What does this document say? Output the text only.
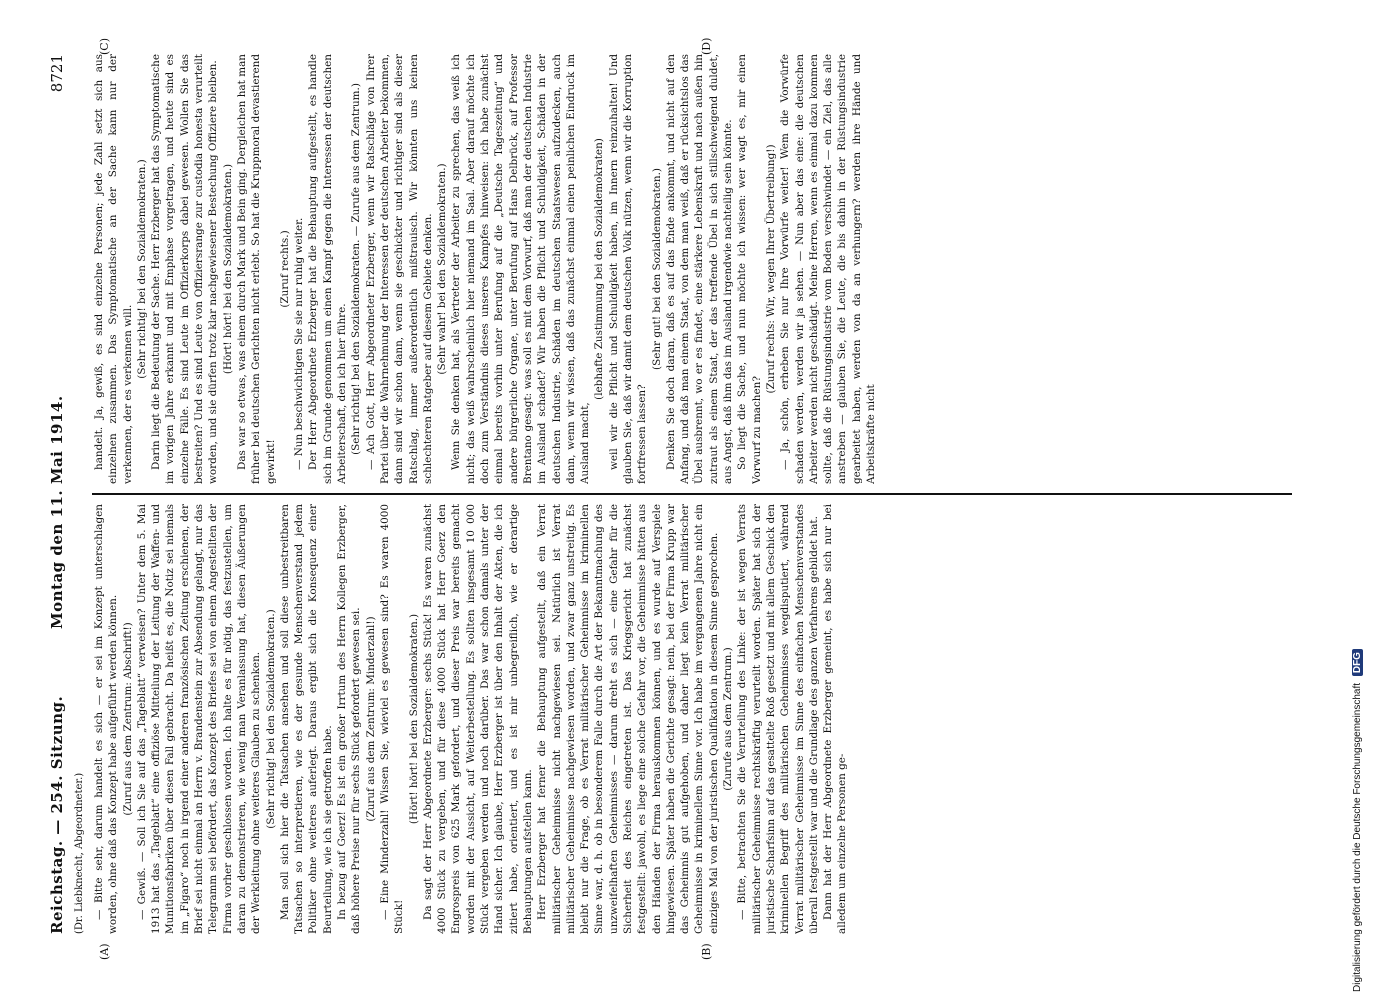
Reichstag. — 254. Sitzung.
Montag den 11. Mai 1914.
8721
(Dr. Liebknecht, Abgeordneter.)
(A)	(B)
(C)	(D)

— Bitte sehr, darum handelt es sich — er sei im Konzept unterschlagen worden, ohne daß das Konzept habe aufgeführt werden können. (Zuruf aus dem Zentrum: Abschrift!) — Gewiß. — Soll ich Sie auf das „Tageblatt“ verweisen? Unter dem 5. Mai 1913 hat das „Tageblatt“ eine offiziöse Mitteilung der Leitung der Waffen- und Munitionsfabriken über diesen Fall gebracht. Da heißt es, die Notiz sei niemals im „Figaro“ noch in irgend einer anderen französischen Zeitung erschienen, der Brief sei nicht einmal an Herrn v. Brandenstein zur Absendung gelangt, nur das Telegramm sei befördert, das Konzept des Briefes sei von einem Angestellten der Firma vorher geschlossen worden. Ich halte es für nötig, das festzustellen, um daran zu demonstrieren, wie wenig man Veranlassung hat, diesen Äußerungen der Werkleitung ohne weiteres Glauben zu schenken. (Sehr richtig! bei den Sozialdemokraten.) Man soll sich hier die Tatsachen ansehen und soll diese unbestreitbaren Tatsachen so interpretieren, wie es der gesunde Menschenverstand jedem Politiker ohne weiteres auferlegt. Daraus ergibt sich die Konsequenz einer Beurteilung, wie ich sie getroffen habe. In bezug auf Goerz! Es ist ein großer Irrtum des Herrn Kollegen Erzberger, daß höhere Preise nur für sechs Stück gefordert gewesen sei. (Zuruf aus dem Zentrum: Minderzahl!) — Eine Minderzahl! Wissen Sie, wieviel es gewesen sind? Es waren 4000 Stück!

(Hört! hört! bei den Sozialdemokraten.) Da sagt der Herr Abgeordnete Erzberger: sechs Stück! Es waren zunächst 4000 Stück zu vergeben, und für diese 4000 Stück hat Herr Goerz den Engrospreis von 625 Mark gefordert, und dieser Preis war bereits gemacht worden mit der Aussicht, auf Weiterbestellung. Es sollten insgesamt 10 000 Stück vergeben werden und noch darüber. Das war schon damals unter der Hand sicher. Ich glaube, Herr Erzberger ist über den Inhalt der Akten, die ich zitiert habe, orientiert, und es ist mir unbegreiflich, wie er derartige Behauptungen aufstellen kann. Herr Erzberger hat ferner die Behauptung aufgestellt, daß ein Verrat militärischer Geheimnisse nicht nachgewiesen sei. Natürlich ist Verrat militärischer Geheimnisse nachgewiesen worden, und zwar ganz unstreitig. Es bleibt nur die Frage, ob es Verrat militärischer Geheimnisse im kriminellen Sinne war, d. h. ob in besonderem Falle durch die Art der Bekanntmachung des unzweifelhaften Geheimnisses — darum dreht es sich — eine Gefahr für die Sicherheit des Reiches eingetreten ist. Das Kriegsgericht hat zunächst festgestellt: jawohl, es liege eine solche Gefahr vor, die Geheimnisse hätten aus den Händen der Firma herauskommen können, und es wurde auf Verspiele hingewiesen. Später haben die Gerichte gesagt: nein, bei der Firma Krupp war das Geheimnis gut aufgehoben, und daher liegt kein Verrat militärischer Geheimnisse in kriminellem Sinne vor. Ich habe im vergangenen Jahre nicht ein einziges Mal von der juristischen Qualifikation in diesem Sinne gesprochen. (Zurufe aus dem Zentrum.) — Bitte, betrachten Sie die Verurteilung des Linke: der ist wegen Verrats militärischer Geheimnisse rechtskräftig verurteilt worden. Später hat sich der juristische Scharfsinn auf das gesattelte Roß gesetzt und mit allem Geschick den kriminellen Begriff des militärischen Geheimnisses wegdisputiert, während Verrat militärischer Geheimnisse im Sinne des einfachen Menschenverstandes überall festgestellt war und die Grundlage des ganzen Verfahrens gebildet hat. Dann hat der Herr Abgeordnete Erzberger gemeint, es habe sich nur bei alledem um einzelne Personen ge-

handelt. Ja, gewiß, es sind einzelne Personen; jede Zahl setzt sich aus einzelnen zusammen. Das Symptomatische an der Sache kann nur der verkennen, der es verkennen will.

(Sehr richtig! bei den Sozialdemokraten.) Darin liegt die Bedeutung der Sache. Herr Erzberger hat das Symptomatische im vorigen Jahre erkannt und mit Emphase vorgetragen, und heute sind es einzelne Fälle. Es sind Leute im Offizierkorps dabei gewesen. Wollen Sie das bestreiten? Und es sind Leute von Offiziersrange zur custodia honesta verurteilt worden, und sie dürfen trotz klar nachgewiesener Bestechung Offiziere bleiben. (Hört! hört! bei den Sozialdemokraten.) Das war so etwas, was einem durch Mark und Bein ging. Dergleichen hat man früher bei deutschen Gerichten nicht erlebt. So hat die Kruppmoral devastierend gewirkt!

(Zuruf rechts.) — Nun beschwichtigen Sie sie nur ruhig weiter. Der Herr Abgeordnete Erzberger hat die Behauptung aufgestellt, es handle sich im Grunde genommen um einen Kampf gegen die Interessen der deutschen Arbeiterschaft, den ich hier führe. (Sehr richtig! bei den Sozialdemokraten. — Zurufe aus dem Zentrum.) — Ach Gott, Herr Abgeordneter Erzberger, wenn wir Ratschläge von Ihrer Partei über die Wahrnehmung der Interessen der deutschen Arbeiter bekommen, dann sind wir schon dann, wenn sie geschickter und richtiger sind als dieser Ratschlag, immer außerordentlich mißtrauisch. Wir könnten uns keinen schlechteren Ratgeber auf diesem Gebiete denken. (Sehr wahr! bei den Sozialdemokraten.) Wenn Sie denken hat, als Vertreter der Arbeiter zu sprechen, das weiß ich nicht; das weiß wahrscheinlich hier niemand im Saal. Aber darauf möchte ich doch zum Verständnis dieses unseres Kampfes hinweisen: ich habe zunächst einmal bereits vorhin unter Berufung auf die „Deutsche Tageszeitung“ und andere bürgerliche Organe, unter Berufung auf Hans Delbrück, auf Professor Brentano gesagt: was soll es mit dem Vorwurf, daß man der deutschen Industrie im Ausland schadet? Wir haben die Pflicht und Schuldigkeit, Schäden in der deutschen Industrie, Schäden im deutschen Staatswesen aufzudecken, auch dann, wenn wir wissen, daß das zunächst einmal einen peinlichen Eindruck im Ausland macht,

(lebhafte Zustimmung bei den Sozialdemokraten) weil wir die Pflicht und Schuldigkeit haben, im Innern reinzuhalten! Und glauben Sie, daß wir damit dem deutschen Volk nützen, wenn wir die Korruption fortfressen lassen?

(Sehr gut! bei den Sozialdemokraten.) Denken Sie doch daran, daß es auf das Ende ankommt, und nicht auf den Anfang, und daß man einem Staat, von dem man weiß, daß er rücksichtslos das Übel ausbrennt, wo er es findet, eine stärkere Lebenskraft und nach außen hin zutraut als einem Staat, der das treffende Übel in sich stillschweigend duldet, aus Angst, daß ihm das im Ausland irgendwie nachteilig sein könnte. So liegt die Sache, und nun möchte ich wissen: wer wagt es, mir einen Vorwurf zu machen?

(Zuruf rechts: Wir, wegen Ihrer Übertreibung!) — Ja, schön, erheben Sie nur Ihre Vorwürfe weiter! Wem die Vorwürfe schaden werden, werden wir ja sehen. — Nun aber das eine: die deutschen Arbeiter werden nicht geschädigt. Meine Herren, wenn es einmal dazu kommen sollte, daß die Rüstungsindustrie vom Boden verschwindet — ein Ziel, das alle anstreben — glauben Sie, die Leute, die bis dahin in der Rüstungsindustrie gearbeitet haben, werden von da an verhungern? werden ihre Hände und Arbeitskräfte nicht

Digitalisierung gefördert durch die Deutsche Forschungsgemeinschaft DFG
